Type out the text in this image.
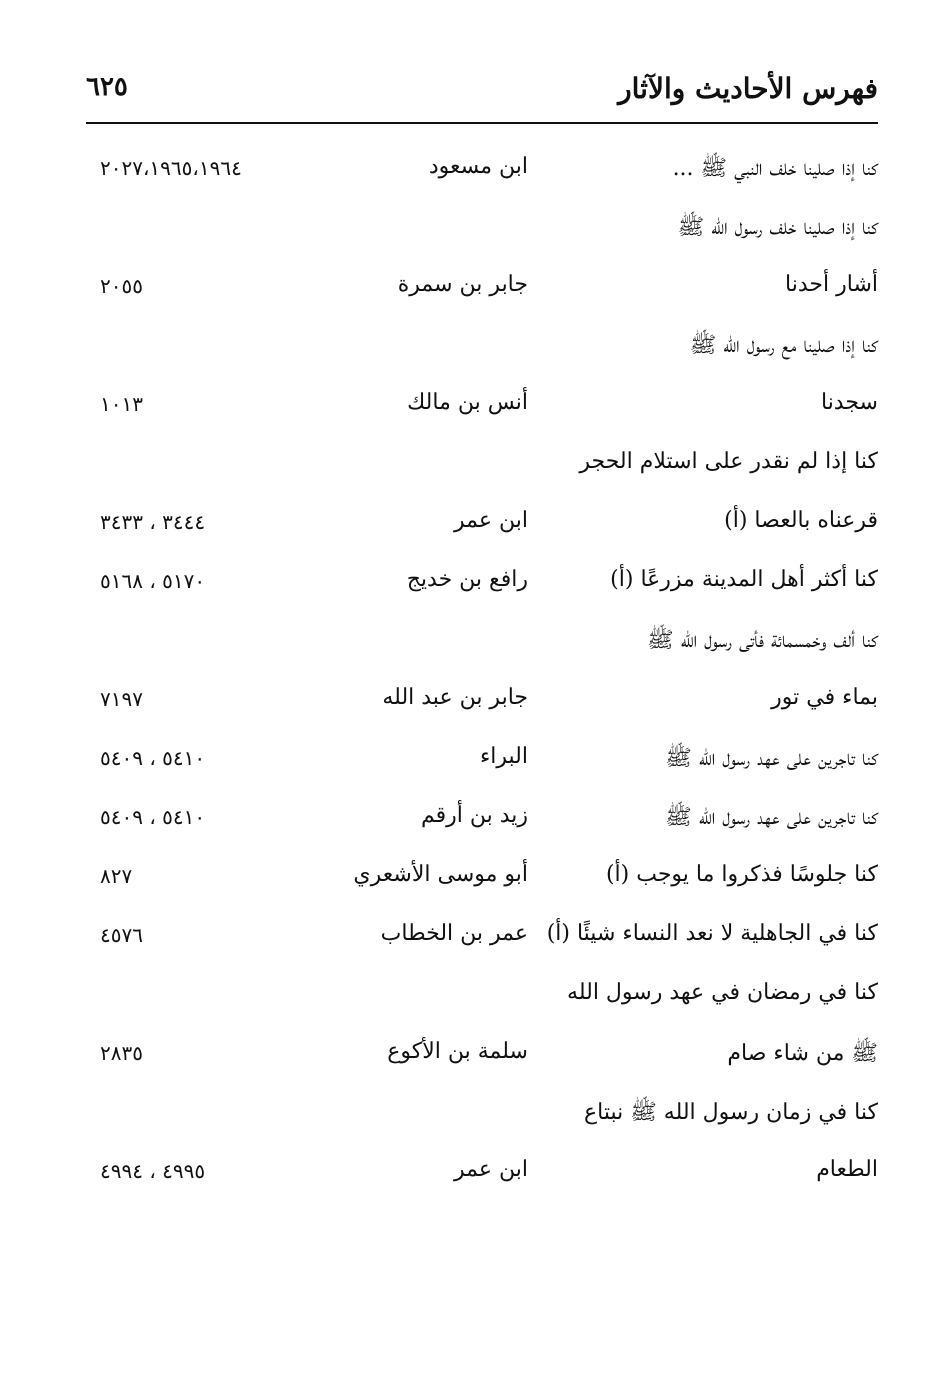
فهرس الأحاديث والآثار
٦٢٥
كنا إذا صلينا خلف النبي ﷺ ...
ابن مسعود
٢٠٢٧،١٩٦٥،١٩٦٤
كنا إذا صلينا خلف رسول الله ﷺ
أشار أحدنا
جابر بن سمرة
٢٠٥٥
كنا إذا صلينا مع رسول الله ﷺ
سجدنا
أنس بن مالك
١٠١٣
كنا إذا لم نقدر على استلام الحجر
قرعناه بالعصا (أ)
ابن عمر
٣٤٤٤ ، ٣٤٣٣
كنا أكثر أهل المدينة مزرعًا (أ)
رافع بن خديج
٥١٧٠ ، ٥١٦٨
كنا ألف وخمسمائة فأتى رسول الله ﷺ
بماء في تور
جابر بن عبد الله
٧١٩٧
كنا تاجرين على عهد رسول الله ﷺ
البراء
٥٤١٠ ، ٥٤٠٩
كنا تاجرين على عهد رسول الله ﷺ
زيد بن أرقم
٥٤١٠ ، ٥٤٠٩
كنا جلوسًا فذكروا ما يوجب (أ)
أبو موسى الأشعري
٨٢٧
كنا في الجاهلية لا نعد النساء شيئًا (أ)
عمر بن الخطاب
٤٥٧٦
كنا في رمضان في عهد رسول الله
ﷺ من شاء صام
سلمة بن الأكوع
٢٨٣٥
كنا في زمان رسول الله ﷺ نبتاع
الطعام
ابن عمر
٤٩٩٥ ، ٤٩٩٤
